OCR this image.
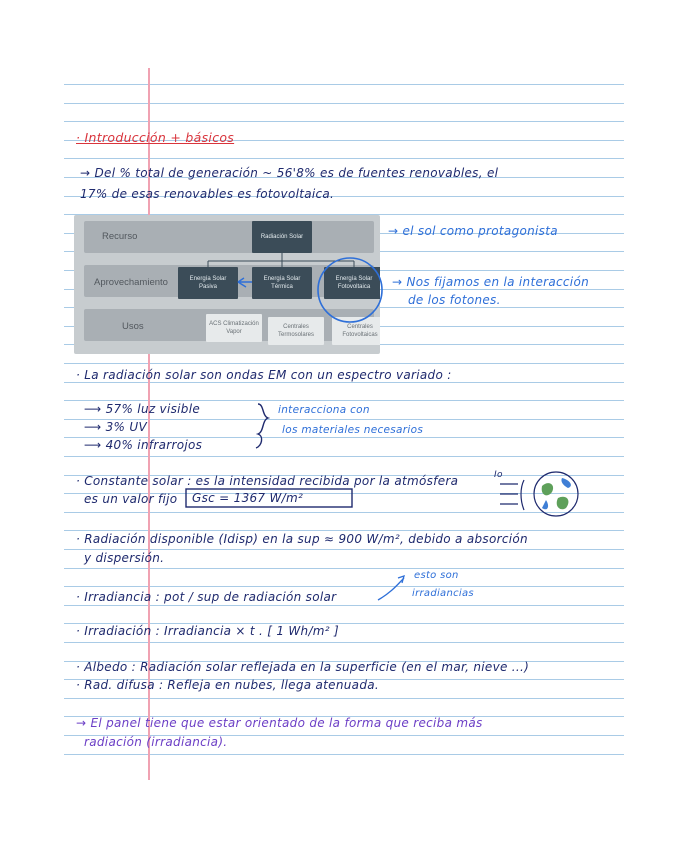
· Introducción + básicos
→ Del % total de generación ~ 56'8% es de fuentes renovables, el
17% de esas renovables es fotovoltaica.
Recurso
Aprovechamiento
Usos
Radiación Solar
Energía Solar Pasiva
Energía Solar Térmica
Energía Solar Fotovoltaica
ACS Climatización Vapor
Centrales Termosolares
Centrales Fotovoltaicas
→ el sol como protagonista
→ Nos fijamos en la interacción
de los fotones.
· La radiación solar son ondas EM con un espectro variado :
⟶ 57% luz visible
⟶ 3% UV
⟶ 40% infrarrojos
interacciona con
los materiales necesarios
· Constante solar : es la intensidad recibida por la atmósfera
es un valor fijo Gsc = 1367 W/m²
Io
· Radiación disponible (Idisp) en la sup ≈ 900 W/m², debido a absorción
y dispersión.
· Irradiancia : pot / sup de radiación solar
esto son
irradiancias
· Irradiación : Irradiancia × t . [ 1 Wh/m² ]
· Albedo : Radiación solar reflejada en la superficie (en el mar, nieve ...)
· Rad. difusa : Refleja en nubes, llega atenuada.
→ El panel tiene que estar orientado de la forma que reciba más
radiación (irradiancia).
